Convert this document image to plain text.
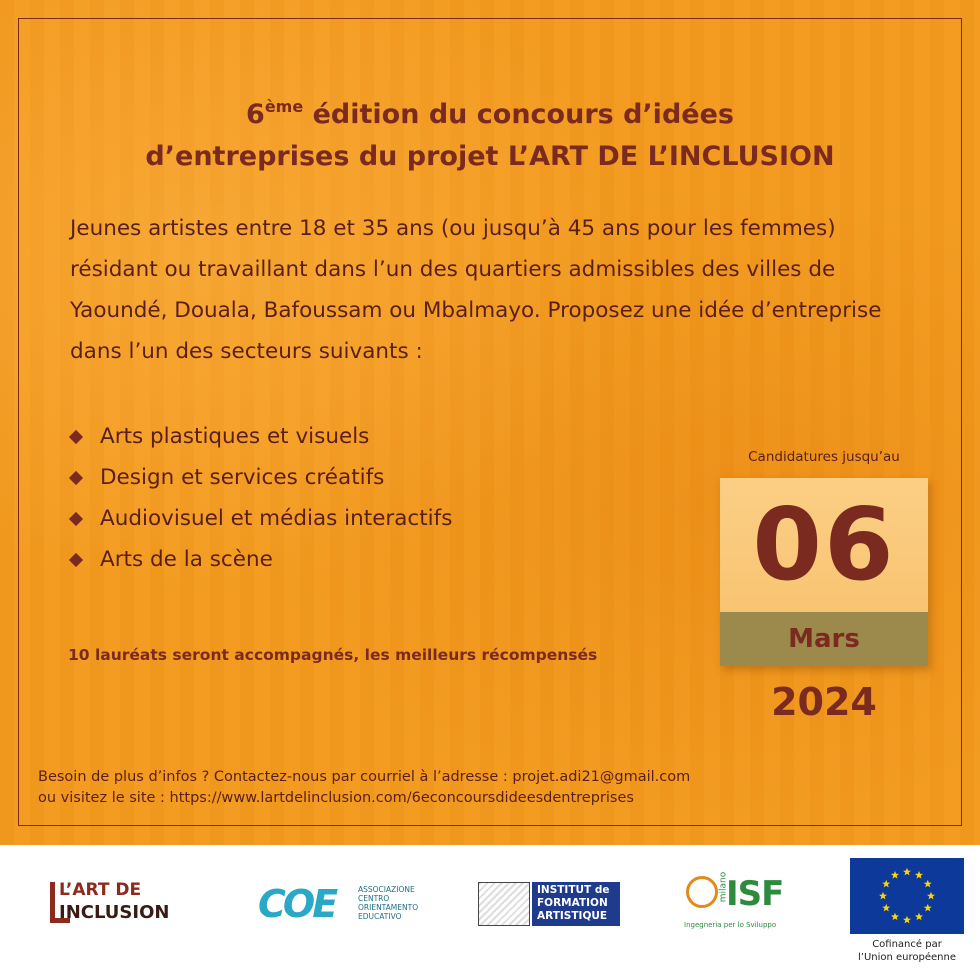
6ème édition du concours d’idées
d’entreprises du projet L’ART DE L’INCLUSION

Jeunes artistes entre 18 et 35 ans (ou jusqu’à 45 ans pour les femmes) résidant ou travaillant dans l’un des quartiers admissibles des villes de Yaoundé, Douala, Bafoussam ou Mbalmayo. Proposez une idée d’entreprise dans l’un des secteurs suivants :

Arts plastiques et visuels
Design et services créatifs
Audiovisuel et médias interactifs
Arts de la scène

10 lauréats seront accompagnés, les meilleurs récompensés

Candidatures jusqu’au

06
Mars

2024

Besoin de plus d’infos ? Contactez-nous par courriel à l’adresse : projet.adi21@gmail.com
ou visitez le site : https://www.lartdelinclusion.com/6econcoursdideesdentreprises
L’ART DE
INCLUSION COE	ASSOCIAZIONE
CENTRO
ORIENTAMENTO
EDUCATIVO
INSTITUT de
FORMATION
ARTISTIQUE
milano
ISF
Ingegneria per lo Sviluppo
Cofinancé par
l’Union européenne
